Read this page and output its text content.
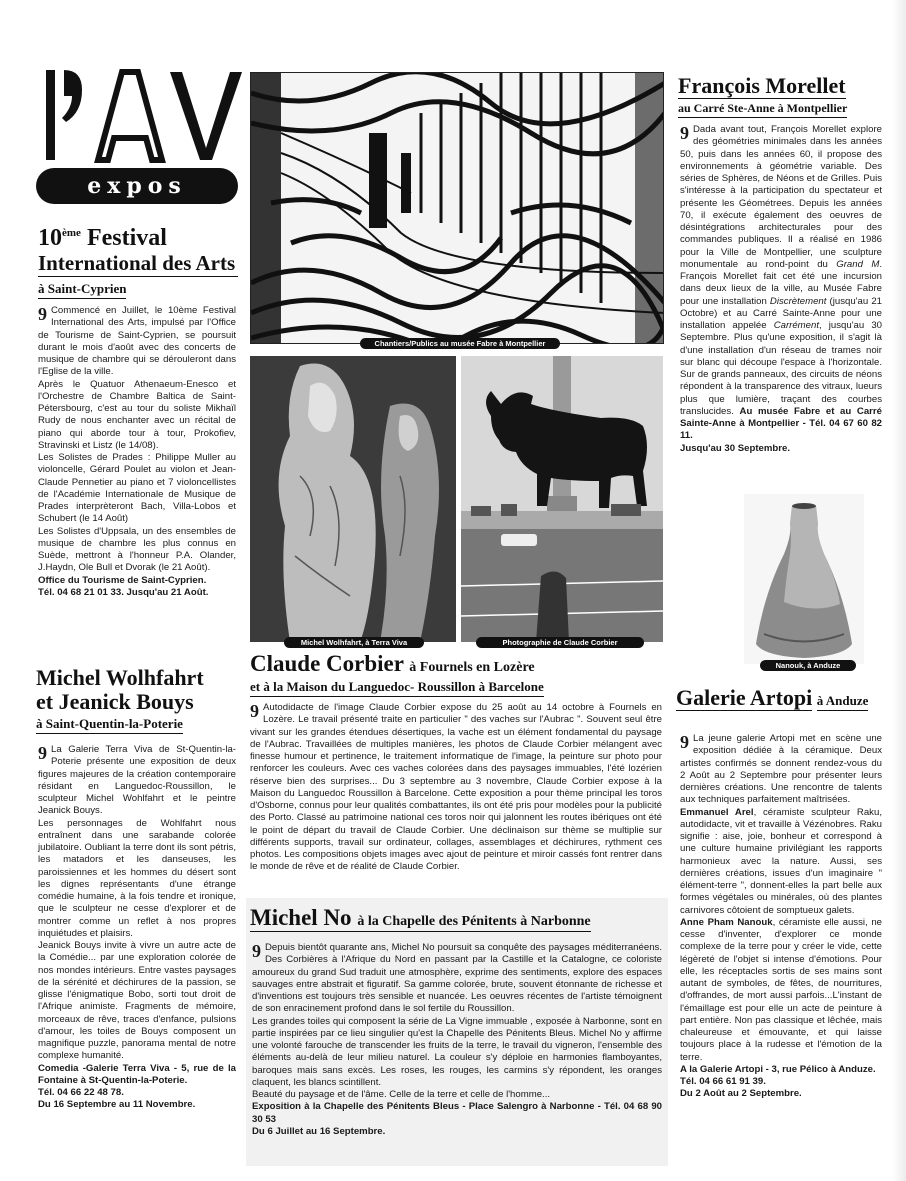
expos
10ème Festival
International des Arts
à Saint-Cyprien
9 Commencé en Juillet, le 10ème Festival International des Arts, impulsé par l'Office de Tourisme de Saint-Cyprien, se poursuit durant le mois d'août avec des concerts de musique de chambre qui se dérouleront dans l'Eglise de la ville.

Après le Quatuor Athenaeum-Enesco et l'Orchestre de Chambre Baltica de Saint-Pétersbourg, c'est au tour du soliste Mikhaïl Rudy de nous enchanter avec un récital de piano qui aborde tour à tour, Prokofiev, Stravinski et Listz (le 14/08).

Les Solistes de Prades : Philippe Muller au violoncelle, Gérard Poulet au violon et Jean-Claude Pennetier au piano et 7 violoncellistes de l'Académie Internationale de Musique de Prades interprèteront Bach, Villa-Lobos et Schubert (le 14 Août)

Les Solistes d'Uppsala, un des ensembles de musique de chambre les plus connus en Suède, mettront à l'honneur P.A. Olander, J.Haydn, Ole Bull et Dvorak (le 21 Août).

Office du Tourisme de Saint-Cyprien.

Tél. 04 68 21 01 33. Jusqu'au 21 Août.

Michel Wolhfahrt
et Jeanick Bouys
à Saint-Quentin-la-Poterie
9 La Galerie Terra Viva de St-Quentin-la-Poterie présente une exposition de deux figures majeures de la création contemporaire résidant en Languedoc-Roussillon, le sculpteur Michel Wohlfahrt et le peintre Jeanick Bouys.

Les personnages de Wohlfahrt nous entraînent dans une sarabande colorée jubilatoire. Oubliant la terre dont ils sont pétris, les matadors et les danseuses, les paroissiennes et les hommes du désert sont les dignes représentants d'une étrange comédie humaine, à la fois tendre et ironique, que le sculpteur ne cesse d'explorer et de montrer comme un reflet à nos propres inquiétudes et plaisirs.

Jeanick Bouys invite à vivre un autre acte de la Comédie... par une exploration colorée de nos mondes intérieurs. Entre vastes paysages de la sérénité et déchirures de la passion, se glisse l'énigmatique Bobo, sorti tout droit de l'Afrique animiste. Fragments de mémoire, morceaux de rêve, traces d'enfance, pulsions d'amour, les toiles de Bouys composent un magnifique puzzle, panorama mental de notre complexe humanité.

Comedia -Galerie Terra Viva - 5, rue de la Fontaine à St-Quentin-la-Poterie.

Tél. 04 66 22 48 78.

Du 16 Septembre au 11 Novembre.

Chantiers/Publics au musée Fabre à Montpellier
Michel Wolhfahrt, à Terra Viva	Photographie de Claude Corbier
Claude Corbier à Fournels en Lozère
et à la Maison du Languedoc- Roussillon à Barcelone
9 Autodidacte de l'image Claude Corbier expose du 25 août au 14 octobre à Fournels en Lozère. Le travail présenté traite en particulier " des vaches sur l'Aubrac ". Souvent seul être vivant sur les grandes étendues désertiques, la vache est un élément fondamental du paysage de l'Aubrac. Travaillées de multiples manières, les photos de Claude Corbier mélangent avec finesse humour et pertinence, le traitement informatique de l'image, la peinture sur photo pour renforcer les couleurs. Avec ces vaches colorées dans des paysages immuables, l'été lozérien réserve bien des surprises... Du 3 septembre au 3 novembre, Claude Corbier expose à la Maison du Languedoc Roussillon à Barcelone. Cette exposition a pour thème principal les toros d'Osborne, connus pour leur qualités combattantes, ils ont été pris pour modèles pour la publicité des Porto. Classé au patrimoine national ces toros noir qui jalonnent les routes ibériques ont été le point de départ du travail de Claude Corbier. Une déclinaison sur thème se multiplie sur différents supports, travail sur ordinateur, collages, assemblages et déchirures, rythment ces photos. Les compositions objets images avec ajout de peinture et miroir cassés font rentrer dans le monde de rêve et de réalité de Claude Corbier.

Michel No à la Chapelle des Pénitents à Narbonne
9 Depuis bientôt quarante ans, Michel No poursuit sa conquête des paysages méditerranéens. Des Corbières à l'Afrique du Nord en passant par la Castille et la Catalogne, ce coloriste amoureux du grand Sud traduit une atmosphère, exprime des sentiments, explore des espaces sauvages entre abstrait et figuratif. Sa gamme colorée, brute, souvent étonnante de richesse et d'inventions est toujours très sensible et nuancée. Les oeuvres récentes de l'artiste témoignent de son enracinement profond dans le sol fertile du Roussillon.

Les grandes toiles qui composent la série de La Vigne immuable , exposée à Narbonne, sont en partie inspirées par ce lieu singulier qu'est la Chapelle des Pénitents Bleus. Michel No y affirme une volonté farouche de transcender les fruits de la terre, le travail du vigneron, l'ensemble des éléments au-delà de leur milieu naturel. La couleur s'y déploie en harmonies flamboyantes, baroques mais sans excès. Les roses, les rouges, les carmins s'y répondent, les oranges claquent, les blancs scintillent.

Beauté du paysage et de l'âme. Celle de la terre et celle de l'homme...

Exposition à la Chapelle des Pénitents Bleus - Place Salengro à Narbonne - Tél. 04 68 90 30 53

Du 6 Juillet au 16 Septembre.

François Morellet au Carré Ste-Anne à Montpellier
9 Dada avant tout, François Morellet explore des géométries minimales dans les années 50, puis dans les années 60, il propose des environnements à géométrie variable. Des séries de Sphères, de Néons et de Grilles. Puis s'intéresse à la participation du spectateur et présente les Géométrees. Depuis les années 70, il exécute également des oeuvres de désintégrations architecturales pour des commandes publiques. Il a réalisé en 1986 pour la Ville de Montpellier, une sculpture monumentale au rond-point du Grand M. François Morellet fait cet été une incursion dans deux lieux de la ville, au Musée Fabre pour une installation Discrètement (jusqu'au 21 Octobre) et au Carré Sainte-Anne pour une installation appelée Carrément, jusqu'au 30 Septembre. Plus qu'une exposition, il s'agit là d'une installation d'un réseau de trames noir sur blanc qui découpe l'espace à l'horizontale. Sur de grands panneaux, des circuits de néons répondent à la transparence des vitraux, lueurs plus que lumière, traçant des courbes translucides. Au musée Fabre et au Carré Sainte-Anne à Montpellier - Tél. 04 67 60 82 11.

Jusqu'au 30 Septembre.

Nanouk, à Anduze
Galerie Artopi à Anduze
9 La jeune galerie Artopi met en scène une exposition dédiée à la céramique. Deux artistes confirmés se donnent rendez-vous du 2 Août au 2 Septembre pour présenter leurs dernières créations. Une rencontre de talents aux techniques parfaitement maîtrisées.

Emmanuel Arel, céramiste sculpteur Raku, autodidacte, vit et travaille à Vézénobres. Raku signifie : aise, joie, bonheur et correspond à une culture humaine privilégiant les rapports harmonieux avec la nature. Aussi, ses dernières créations, issues d'un imaginaire " élément-terre ", donnent-elles la part belle aux formes végétales ou minérales, où des plantes carnivores côtoient de somptueux galets.

Anne Pham Nanouk, céramiste elle aussi, ne cesse d'inventer, d'explorer ce monde complexe de la terre pour y créer le vide, cette légèreté de l'objet si intense d'émotions. Pour elle, les réceptacles sortis de ses mains sont autant de symboles, de fêtes, de nourritures, d'offrandes, de mort aussi parfois...L'instant de l'émaillage est pour elle un acte de peinture à part entière. Non pas classique et lêchée, mais chaleureuse et émouvante, et qui laisse toujours place à la rudesse et l'émotion de la terre.

A la Galerie Artopi - 3, rue Pélico à Anduze.

Tél. 04 66 61 91 39.

Du 2 Août au 2 Septembre.
